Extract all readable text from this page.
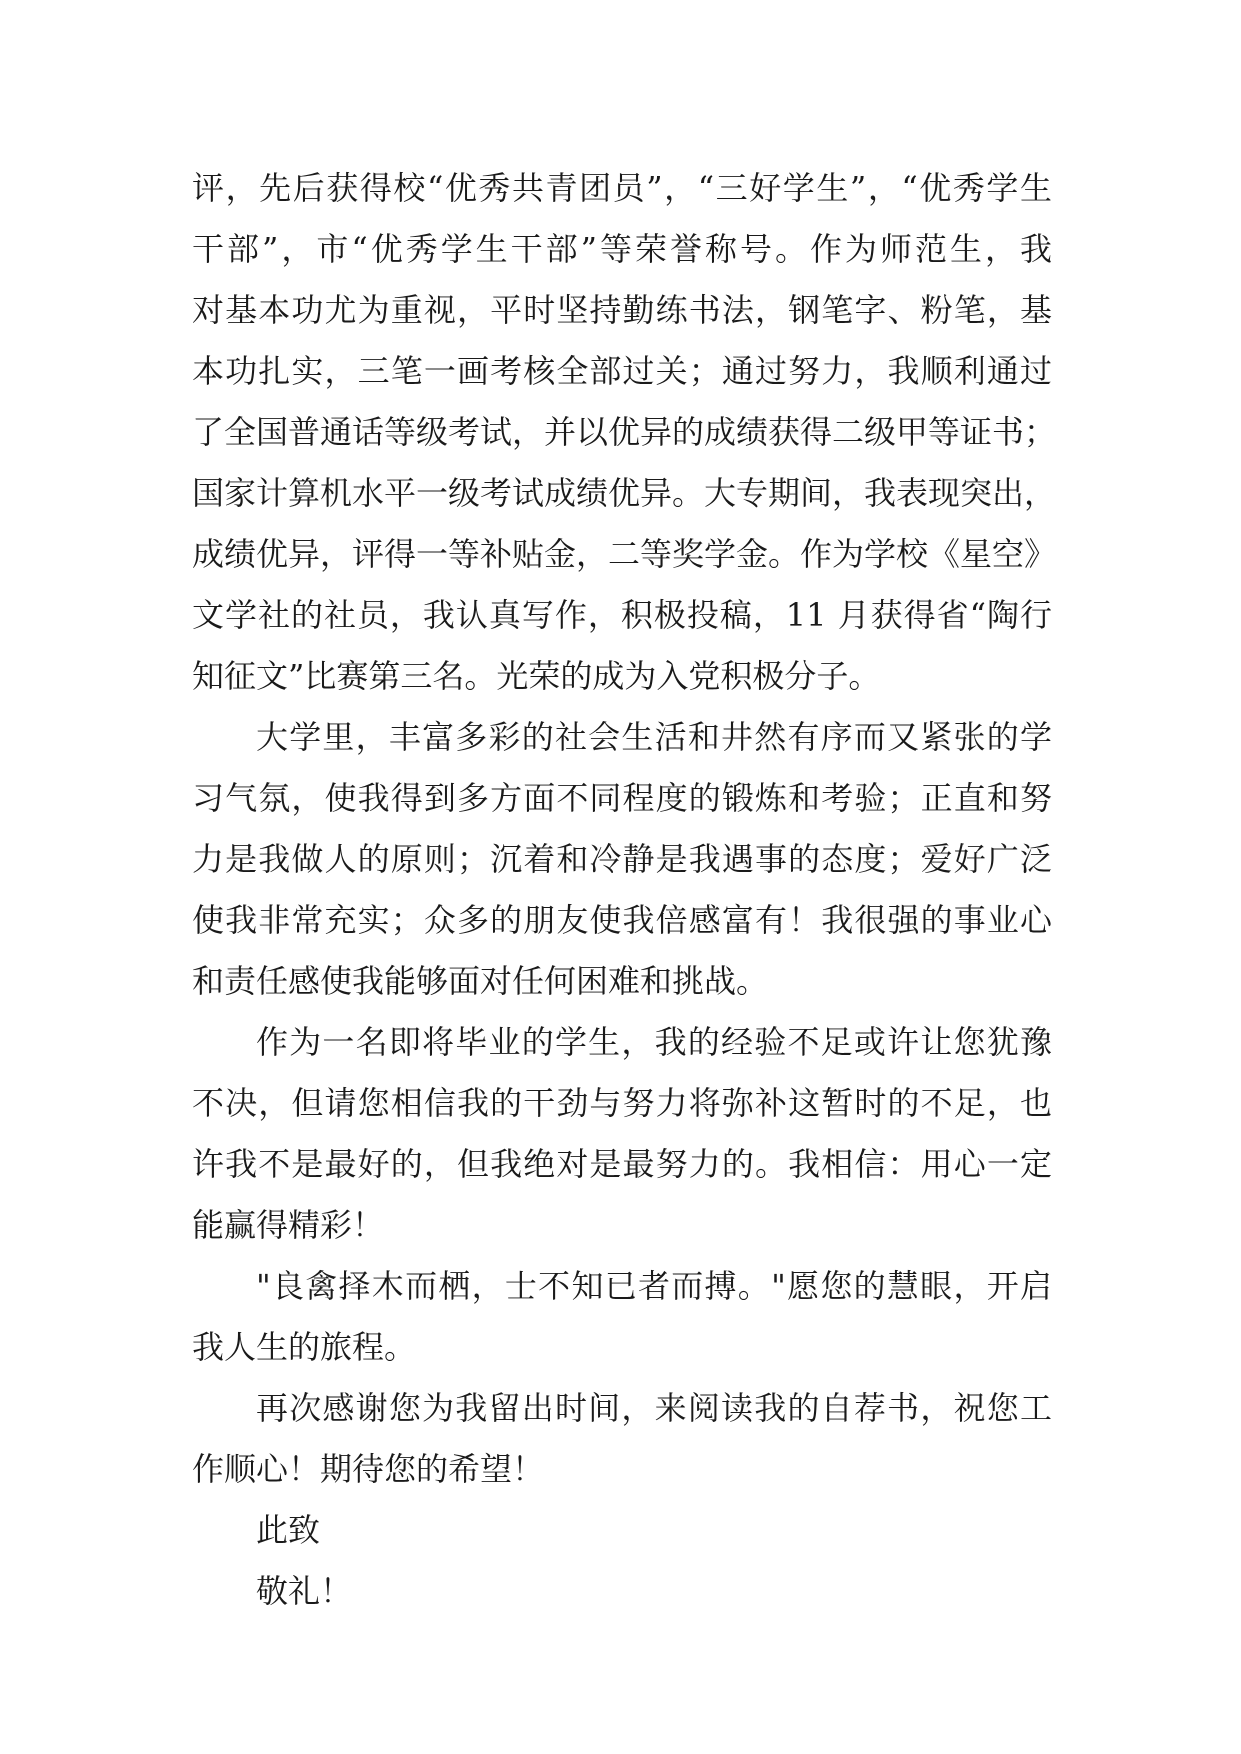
评，先后获得校“优秀共青团员”，“三好学生”，“优秀学生
干部”，市“优秀学生干部”等荣誉称号。作为师范生，我
对基本功尤为重视，平时坚持勤练书法，钢笔字、粉笔，基
本功扎实，三笔一画考核全部过关；通过努力，我顺利通过
了全国普通话等级考试，并以优异的成绩获得二级甲等证书；
国家计算机水平一级考试成绩优异。大专期间，我表现突出，
成绩优异，评得一等补贴金，二等奖学金。作为学校《星空》
文学社的社员，我认真写作，积极投稿，11 月获得省“陶行
知征文”比赛第三名。光荣的成为入党积极分子。
大学里，丰富多彩的社会生活和井然有序而又紧张的学
习气氛，使我得到多方面不同程度的锻炼和考验；正直和努
力是我做人的原则；沉着和冷静是我遇事的态度；爱好广泛
使我非常充实；众多的朋友使我倍感富有！我很强的事业心
和责任感使我能够面对任何困难和挑战。
作为一名即将毕业的学生，我的经验不足或许让您犹豫
不决，但请您相信我的干劲与努力将弥补这暂时的不足，也
许我不是最好的，但我绝对是最努力的。我相信：用心一定
能赢得精彩！
"良禽择木而栖，士不知已者而搏。"愿您的慧眼，开启
我人生的旅程。
再次感谢您为我留出时间，来阅读我的自荐书，祝您工
作顺心！期待您的希望！
此致
敬礼！
